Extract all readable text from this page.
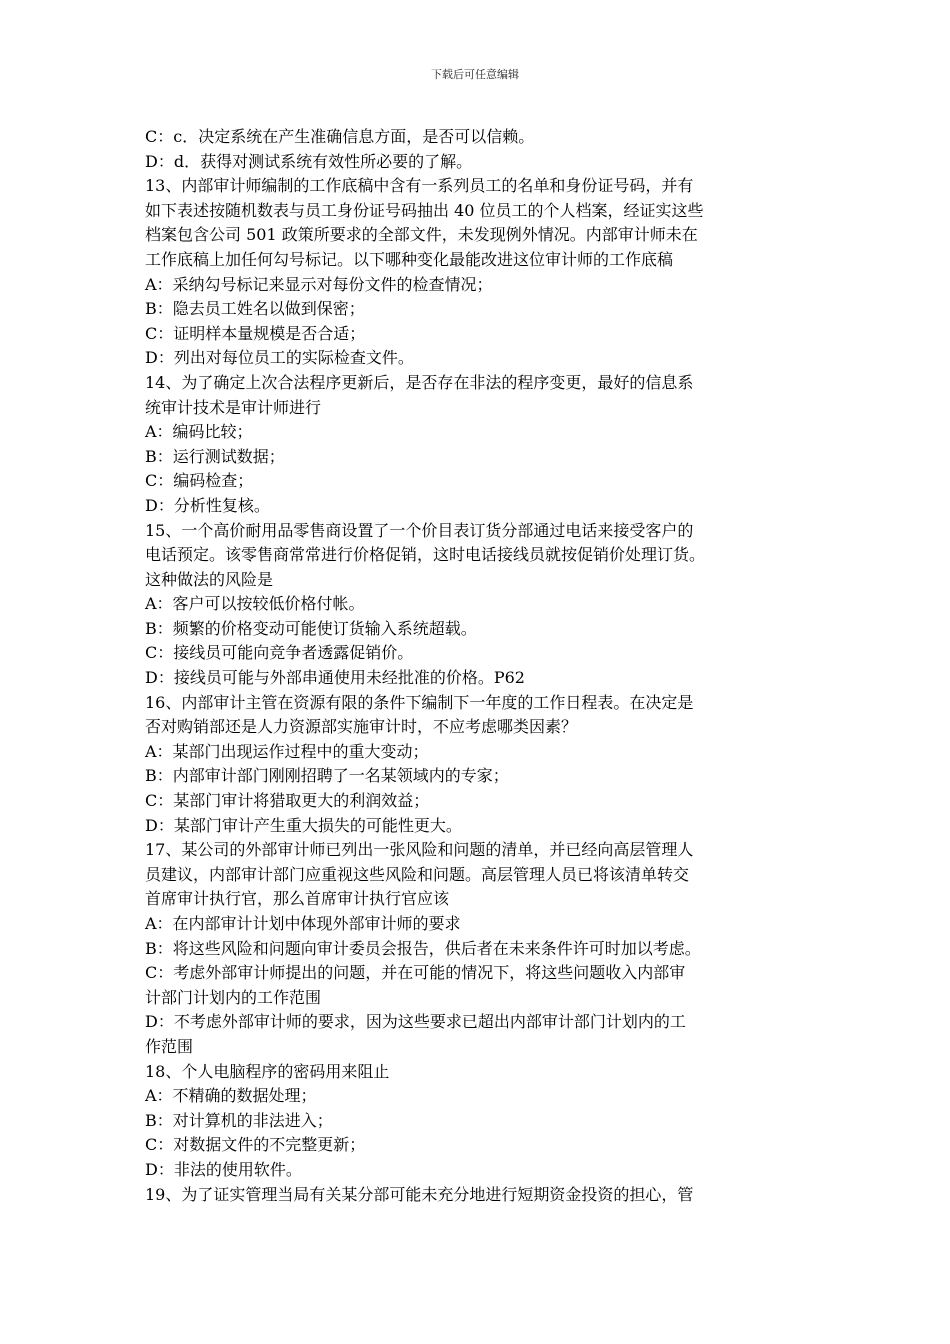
下载后可任意编辑
C：c．决定系统在产生准确信息方面，是否可以信赖。
D：d．获得对测试系统有效性所必要的了解。
13、内部审计师编制的工作底稿中含有一系列员工的名单和身份证号码，并有
如下表述按随机数表与员工身份证号码抽出 40 位员工的个人档案，经证实这些
档案包含公司 501 政策所要求的全部文件，未发现例外情况。内部审计师未在
工作底稿上加任何勾号标记。以下哪种变化最能改进这位审计师的工作底稿
A：采纳勾号标记来显示对每份文件的检查情况；
B：隐去员工姓名以做到保密；
C：证明样本量规模是否合适；
D：列出对每位员工的实际检查文件。
14、为了确定上次合法程序更新后，是否存在非法的程序变更，最好的信息系
统审计技术是审计师进行
A：编码比较；
B：运行测试数据；
C：编码检查；
D：分析性复核。
15、一个高价耐用品零售商设置了一个价目表订货分部通过电话来接受客户的
电话预定。该零售商常常进行价格促销，这时电话接线员就按促销价处理订货。
这种做法的风险是
A：客户可以按较低价格付帐。
B：频繁的价格变动可能使订货输入系统超载。
C：接线员可能向竞争者透露促销价。
D：接线员可能与外部串通使用未经批准的价格。P62
16、内部审计主管在资源有限的条件下编制下一年度的工作日程表。在决定是
否对购销部还是人力资源部实施审计时，不应考虑哪类因素？
A：某部门出现运作过程中的重大变动；
B：内部审计部门刚刚招聘了一名某领域内的专家；
C：某部门审计将猎取更大的利润效益；
D：某部门审计产生重大损失的可能性更大。
17、某公司的外部审计师已列出一张风险和问题的清单，并已经向高层管理人
员建议，内部审计部门应重视这些风险和问题。高层管理人员已将该清单转交
首席审计执行官，那么首席审计执行官应该
A：在内部审计计划中体现外部审计师的要求
B：将这些风险和问题向审计委员会报告，供后者在未来条件许可时加以考虑。
C：考虑外部审计师提出的问题，并在可能的情况下，将这些问题收入内部审
计部门计划内的工作范围
D：不考虑外部审计师的要求，因为这些要求已超出内部审计部门计划内的工
作范围
18、个人电脑程序的密码用来阻止
A：不精确的数据处理；
B：对计算机的非法进入；
C：对数据文件的不完整更新；
D：非法的使用软件。
19、为了证实管理当局有关某分部可能未充分地进行短期资金投资的担心，管
